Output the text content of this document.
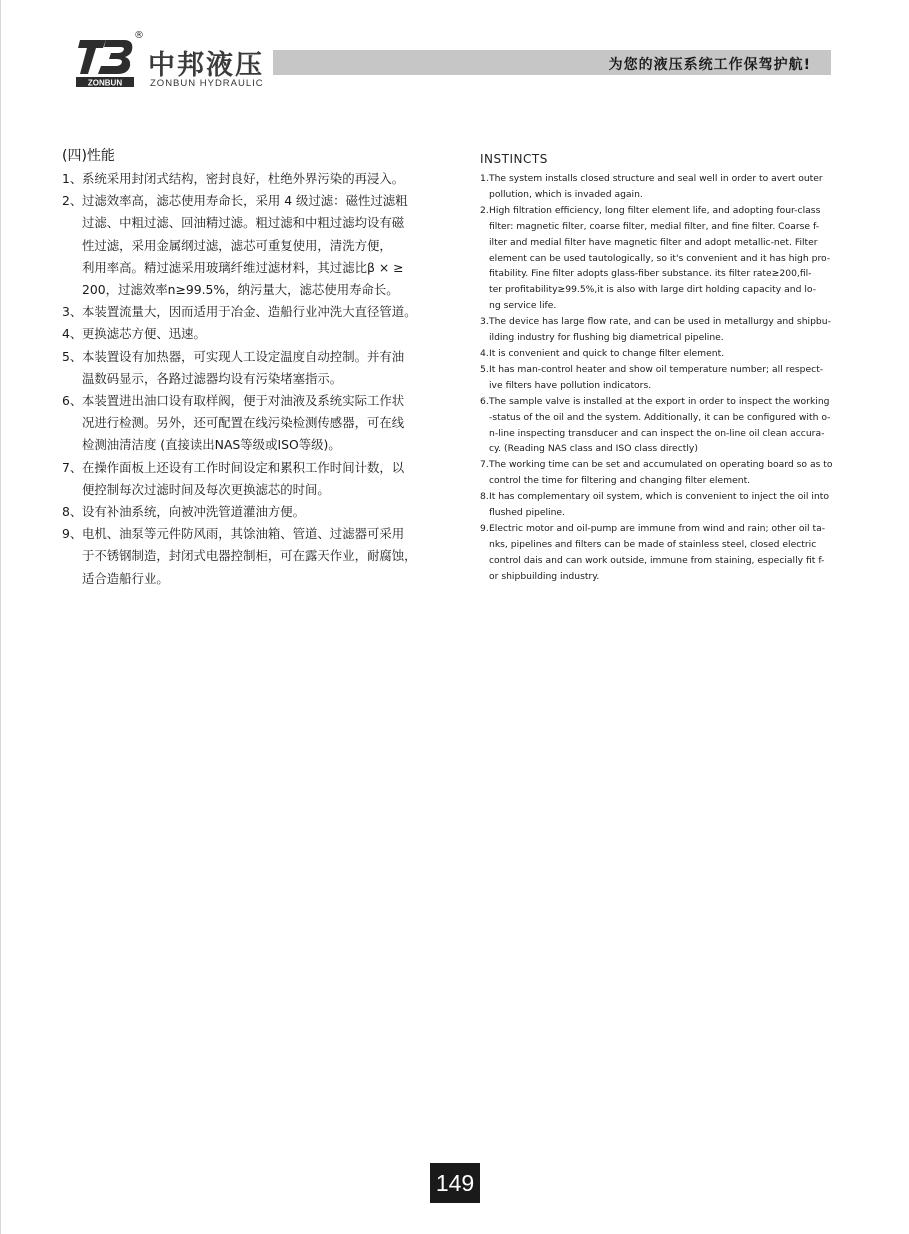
ZONBUN
®
中邦液压
ZONBUN HYDRAULIC
为您的液压系统工作保驾护航!
(四)性能
1、 系统采用封闭式结构，密封良好，杜绝外界污染的再浸入。
2、 过滤效率高，滤芯使用寿命长，采用 4 级过滤：磁性过滤粗
过滤、中粗过滤、回油精过滤。粗过滤和中粗过滤均设有磁
性过滤，采用金属纲过滤，滤芯可重复使用，清洗方便，
利用率高。精过滤采用玻璃纤维过滤材料，其过滤比β × ≥
200，过滤效率n≥99.5%，纳污量大，滤芯使用寿命长。
3、 本装置流量大，因而适用于冶金、造船行业冲洗大直径管道。
4、 更换滤芯方便、迅速。
5、 本装置设有加热器，可实现人工设定温度自动控制。并有油
温数码显示，各路过滤器均设有污染堵塞指示。
6、 本装置进出油口设有取样阀，便于对油液及系统实际工作状
况进行检测。另外，还可配置在线污染检测传感器，可在线
检测油清洁度 (直接读出NAS等级或ISO等级)。
7、 在操作面板上还设有工作时间设定和累积工作时间计数，以
便控制每次过滤时间及每次更换滤芯的时间。
8、 设有补油系统，向被冲洗管道灌油方便。
9、 电机、油泵等元件防风雨，其馀油箱、管道、过滤器可采用
于不锈钢制造，封闭式电器控制柜，可在露天作业，耐腐蚀，
适合造船行业。
INSTINCTS
1. The system installs closed structure and seal well in order to avert outer
pollution, which is invaded again.
2. High filtration efficiency, long filter element life, and adopting four-class
filter: magnetic filter, coarse filter, medial filter, and fine filter. Coarse f-
ilter and medial filter have magnetic filter and adopt metallic-net. Filter
element can be used tautologically, so it's convenient and it has high pro-
fitability. Fine filter adopts glass-fiber substance. its filter rate≥200,fil-
ter profitability≥99.5%,it is also with large dirt holding capacity and lo-
ng service life.
3. The device has large flow rate, and can be used in metallurgy and shipbu-
ilding industry for flushing big diametrical pipeline.
4. It is convenient and quick to change filter element.
5. It has man-control heater and show oil temperature number; all respect-
ive filters have pollution indicators.
6. The sample valve is installed at the export in order to inspect the working
-status of the oil and the system. Additionally, it can be configured with o-
n-line inspecting transducer and can inspect the on-line oil clean accura-
cy. (Reading NAS class and ISO class directly)
7. The working time can be set and accumulated on operating board so as to
control the time for filtering and changing filter element.
8. It has complementary oil system, which is convenient to inject the oil into
flushed pipeline.
9. Electric motor and oil-pump are immune from wind and rain; other oil ta-
nks, pipelines and filters can be made of stainless steel, closed electric
control dais and can work outside, immune from staining, especially fit f-
or shipbuilding industry.
149
